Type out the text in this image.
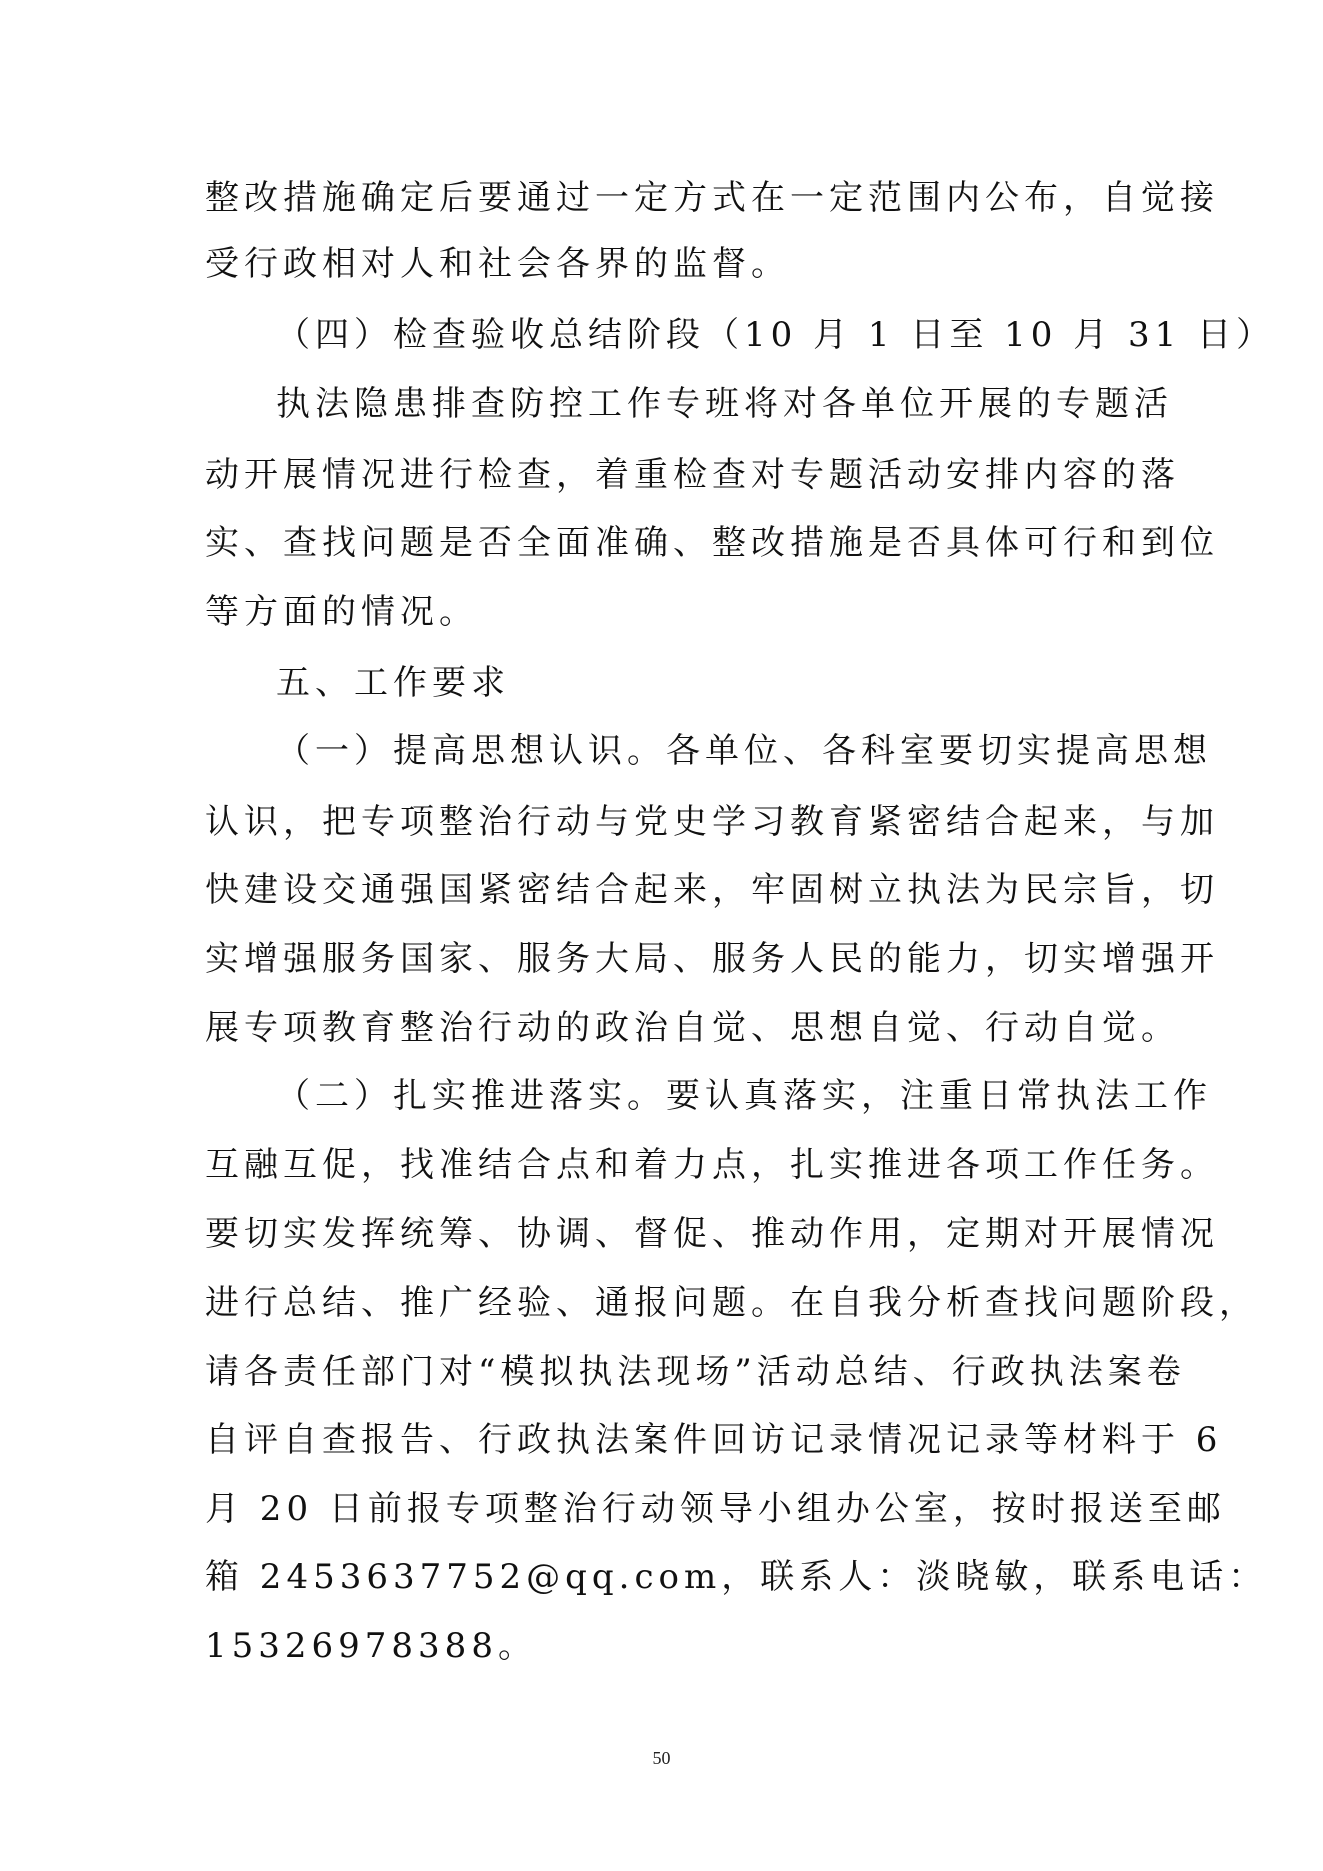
整改措施确定后要通过一定方式在一定范围内公布，自觉接
受行政相对人和社会各界的监督。
（四）检查验收总结阶段（10 月 1 日至 10 月 31 日）
执法隐患排查防控工作专班将对各单位开展的专题活
动开展情况进行检查，着重检查对专题活动安排内容的落
实、查找问题是否全面准确、整改措施是否具体可行和到位
等方面的情况。
五、工作要求
（一）提高思想认识。各单位、各科室要切实提高思想
认识，把专项整治行动与党史学习教育紧密结合起来，与加
快建设交通强国紧密结合起来，牢固树立执法为民宗旨，切
实增强服务国家、服务大局、服务人民的能力，切实增强开
展专项教育整治行动的政治自觉、思想自觉、行动自觉。
（二）扎实推进落实。要认真落实，注重日常执法工作
互融互促，找准结合点和着力点，扎实推进各项工作任务。
要切实发挥统筹、协调、督促、推动作用，定期对开展情况
进行总结、推广经验、通报问题。在自我分析查找问题阶段，
请各责任部门对“模拟执法现场”活动总结、行政执法案卷
自评自查报告、行政执法案件回访记录情况记录等材料于 6
月 20 日前报专项整治行动领导小组办公室，按时报送至邮
箱 2453637752@qq.com，联系人：淡晓敏，联系电话：
15326978388。
50
